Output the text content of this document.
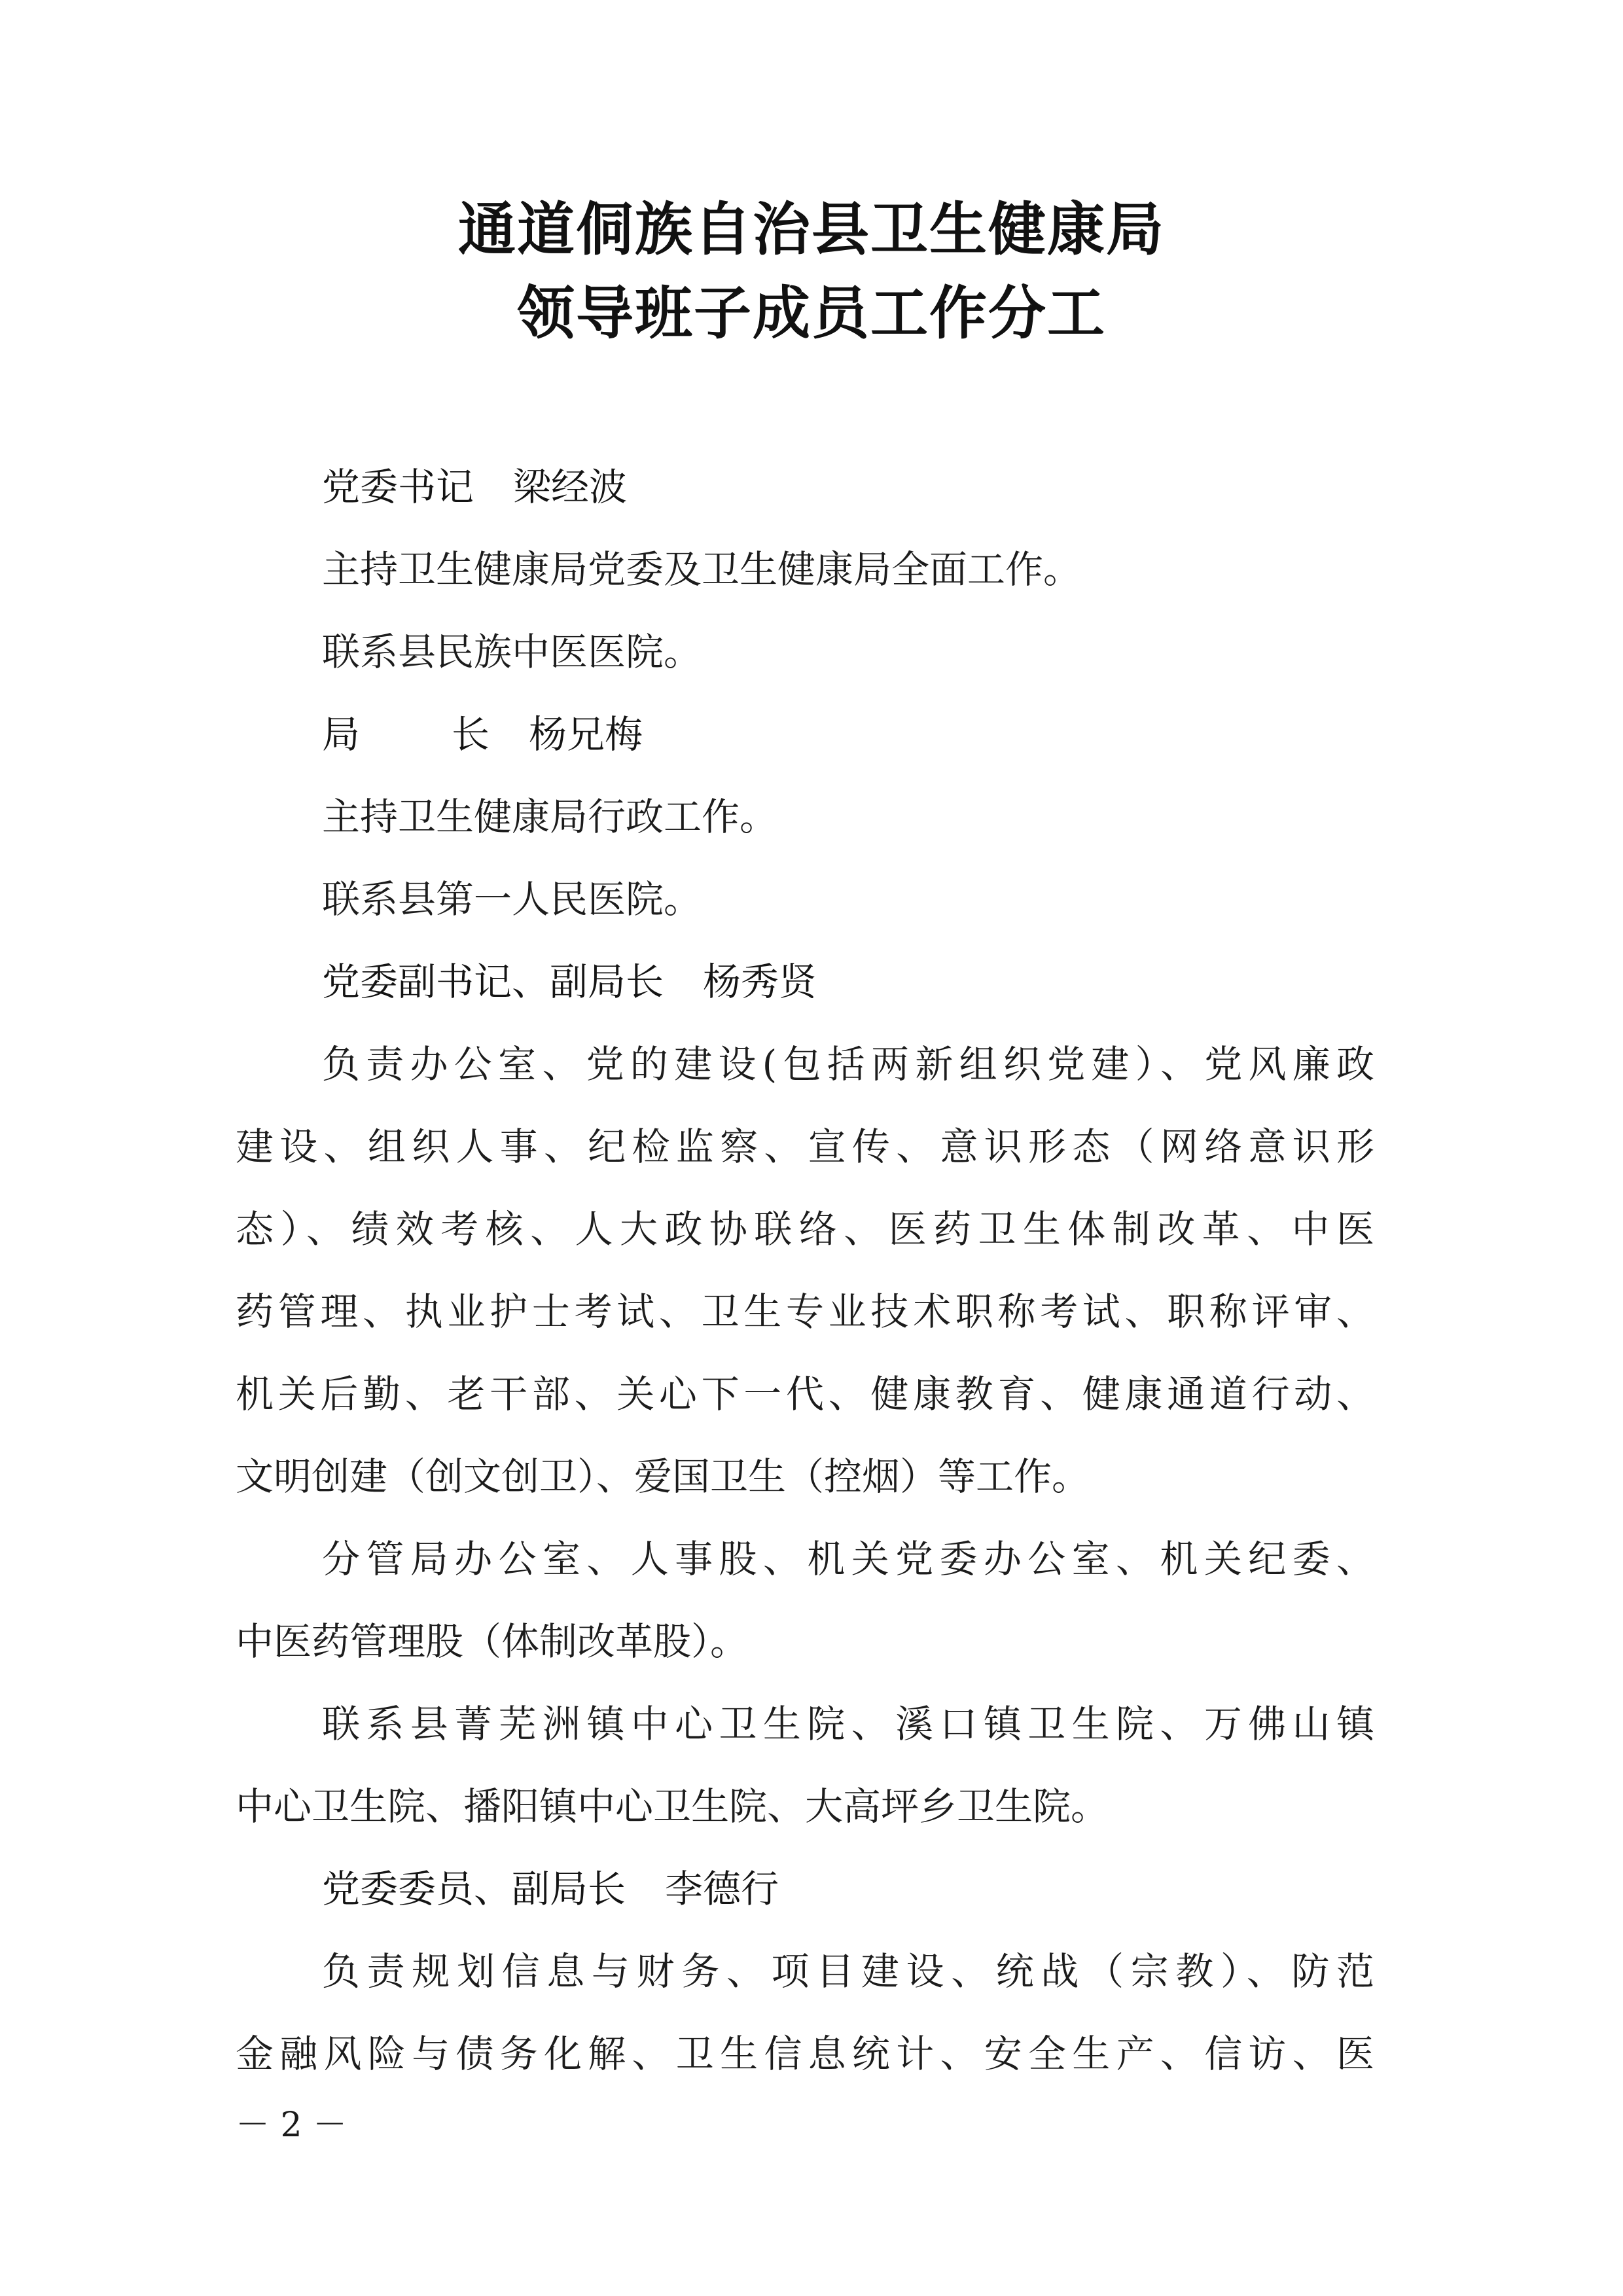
通道侗族自治县卫生健康局
领导班子成员工作分工
党委书记 梁经波
主持卫生健康局党委及卫生健康局全面工作。
联系县民族中医医院。
局 长 杨兄梅
主持卫生健康局行政工作。
联系县第一人民医院。
党委副书记、副局长 杨秀贤
负责办公室、党的建设(包括两新组织党建）、党风廉政
建设、组织人事、纪检监察、宣传、意识形态（网络意识形
态）、绩效考核、人大政协联络、医药卫生体制改革、中医
药管理、执业护士考试、卫生专业技术职称考试、职称评审、
机关后勤、老干部、关心下一代、健康教育、健康通道行动、
文明创建（创文创卫）、爱国卫生（控烟）等工作。
分管局办公室、人事股、机关党委办公室、机关纪委、
中医药管理股（体制改革股）。
联系县菁芜洲镇中心卫生院、溪口镇卫生院、万佛山镇
中心卫生院、播阳镇中心卫生院、大高坪乡卫生院。
党委委员、副局长 李德行
负责规划信息与财务、项目建设、统战（宗教）、防范
金融风险与债务化解、卫生信息统计、安全生产、信访、医
－ 2 －
